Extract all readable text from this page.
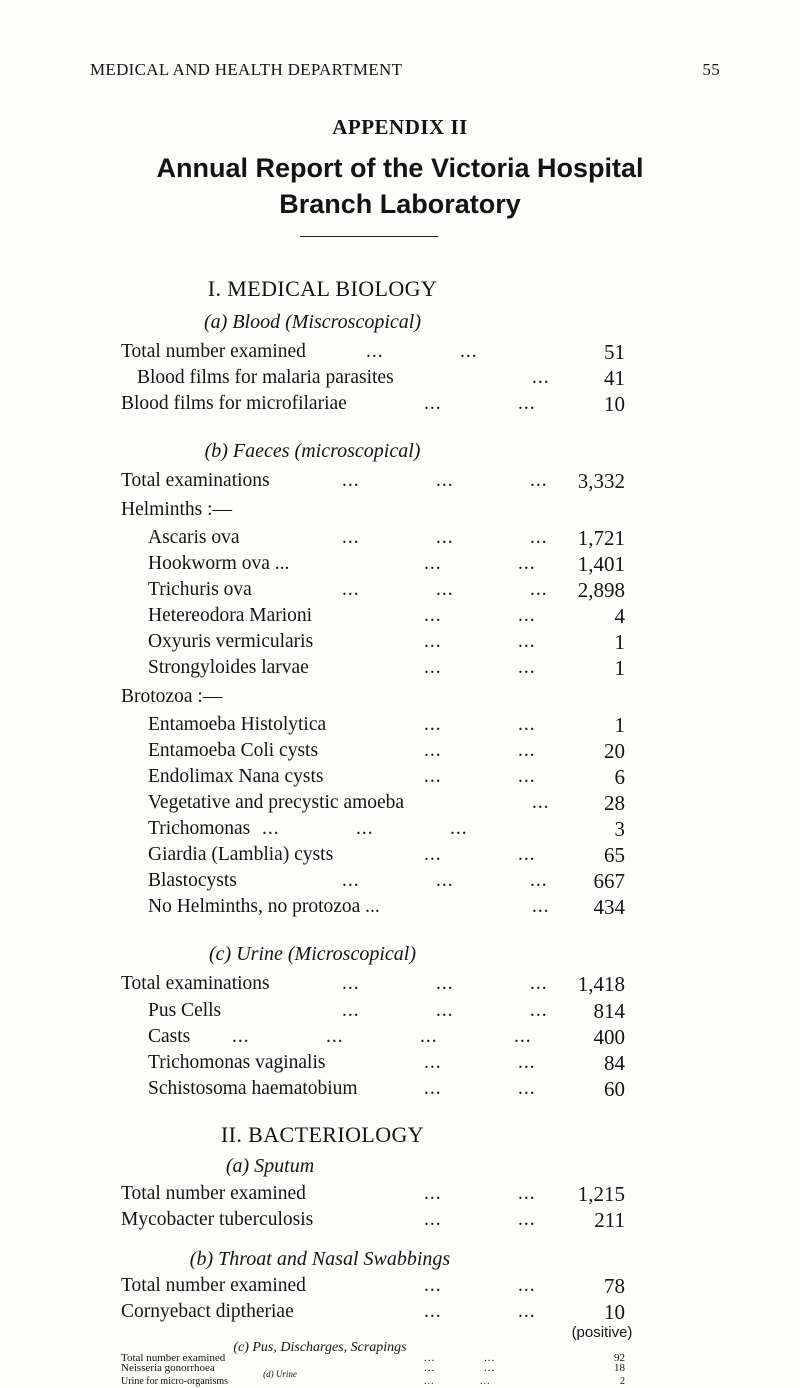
MEDICAL AND HEALTH DEPARTMENT	55
APPENDIX II
Annual Report of the Victoria Hospital
Branch Laboratory
I. MEDICAL BIOLOGY
(a) Blood (Miscroscopical)
Total number examined	...             ...	51
Blood films for malaria parasites	...	41
Blood films for microfilariae	...             ...	10
(b) Faeces (microscopical)
Total examinations	...             ...             ... 3,332
Helminths :—
Ascaris ova	...             ...             ... 1,721
Hookworm ova ...	...             ... 1,401
Trichuris ova	...             ...             ... 2,898
Hetereodora Marioni	...             ...	4
Oxyuris vermicularis	...             ...	1
Strongyloides larvae	...             ...	1
Brotozoa :—
Entamoeba Histolytica	...             ...	1
Entamoeba Coli cysts	...             ...	20
Endolimax Nana cysts	...             ...	6
Vegetative and precystic amoeba	...	28
Trichomonas ...             ...             ...	3
Giardia (Lamblia) cysts	...             ...	65
Blastocysts	...             ...             ... 667
No Helminths, no protozoa ...	... 434
(c) Urine (Microscopical)
Total examinations	...             ...             ... 1,418
Pus Cells	...             ...             ... 814
Casts ...             ...             ...             ...	400
Trichomonas vaginalis	...             ...	84
Schistosoma haematobium	...             ...	60
II. BACTERIOLOGY
(a) Sputum
Total number examined	...             ... 1,215
Mycobacter tuberculosis	...             ...	211
(b) Throat and Nasal Swabbings
Total number examined	...             ...	78
Cornyebact diptheriae	...             ...	10
(positive)
(c) Pus, Discharges, Scrapings
Total number examined	...             ...	92
Neisseria gonorrhoea	...             ...	18
(d) Urine
Urine for micro-organisms	...             ...	2
